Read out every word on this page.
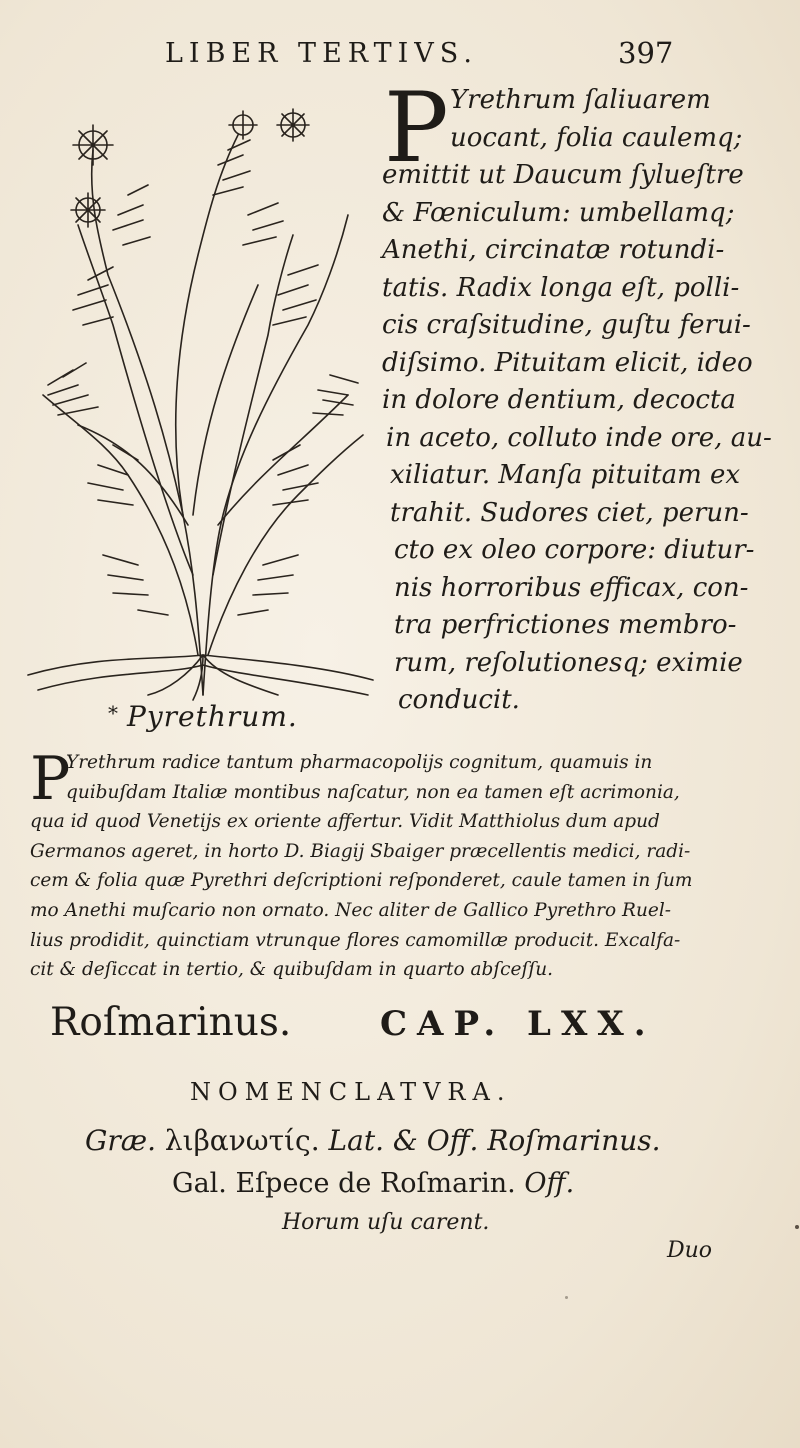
LIBER TERTIVS.	397
* Pyrethrum.
P Yrethrum ſaliuarem
uocant, folia caulemq;
emittit ut Daucum ſylueſtre
& Fœniculum: umbellamq;
Anethi, circinatæ rotundi-
tatis. Radix longa eſt, polli-
cis craſsitudine, guſtu ferui-
diſsimo. Pituitam elicit, ideo
in dolore dentium, decocta
in aceto, colluto inde ore, au-
xiliatur. Manſa pituitam ex
trahit. Sudores ciet, perun-
cto ex oleo corpore: diutur-
nis horroribus efficax, con-
tra perfrictiones membro-
rum, reſolutionesq; eximie
conducit.
P
Yrethrum radice tantum pharmacopolijs cognitum, quamuis in
quibuſdam Italiæ montibus naſcatur, non ea tamen eſt acrimonia,
qua id quod Venetijs ex oriente affertur. Vidit Matthiolus dum apud
Germanos ageret, in horto D. Biagij Sbaiger præcellentis medici, radi-
cem & folia quæ Pyrethri deſcriptioni reſponderet, caule tamen in ſum
mo Anethi muſcario non ornato. Nec aliter de Gallico Pyrethro Ruel-
lius prodidit, quinctiam vtrunque flores camomillæ producit. Excalfa-
cit & deſiccat in tertio, & quibuſdam in quarto abſceſſu.
Roſmarinus.	CAP. LXX.
NOMENCLATVRA.
Græ. λιβανωτίς. Lat. & Off. Roſmarinus.
Gal. Eſpece de Roſmarin. Off.
Horum uſu carent.
Duo
